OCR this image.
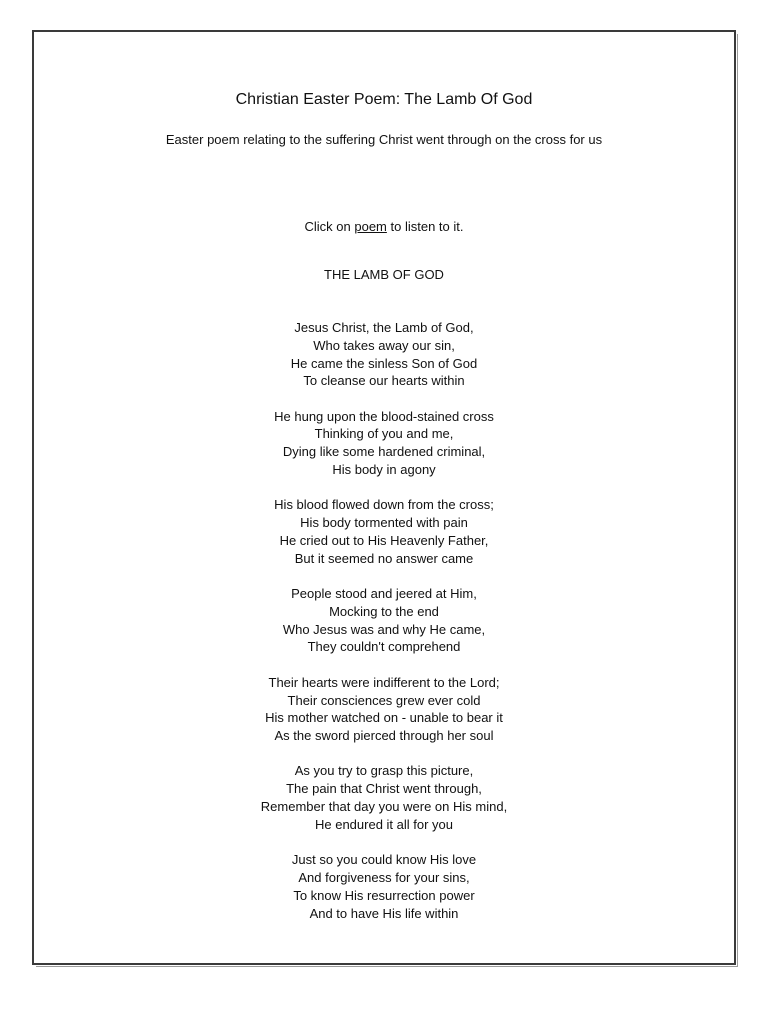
Christian Easter Poem: The Lamb Of God

Easter poem relating to the suffering Christ went through on the cross for us

Click on poem to listen to it.

THE LAMB OF GOD
Jesus Christ, the Lamb of God,
Who takes away our sin,
He came the sinless Son of God
To cleanse our hearts within
He hung upon the blood-stained cross
Thinking of you and me,
Dying like some hardened criminal,
His body in agony
His blood flowed down from the cross;
His body tormented with pain
He cried out to His Heavenly Father,
But it seemed no answer came
People stood and jeered at Him,
Mocking to the end
Who Jesus was and why He came,
They couldn't comprehend
Their hearts were indifferent to the Lord;
Their consciences grew ever cold
His mother watched on - unable to bear it
As the sword pierced through her soul
As you try to grasp this picture,
The pain that Christ went through,
Remember that day you were on His mind,
He endured it all for you
Just so you could know His love
And forgiveness for your sins,
To know His resurrection power
And to have His life within
